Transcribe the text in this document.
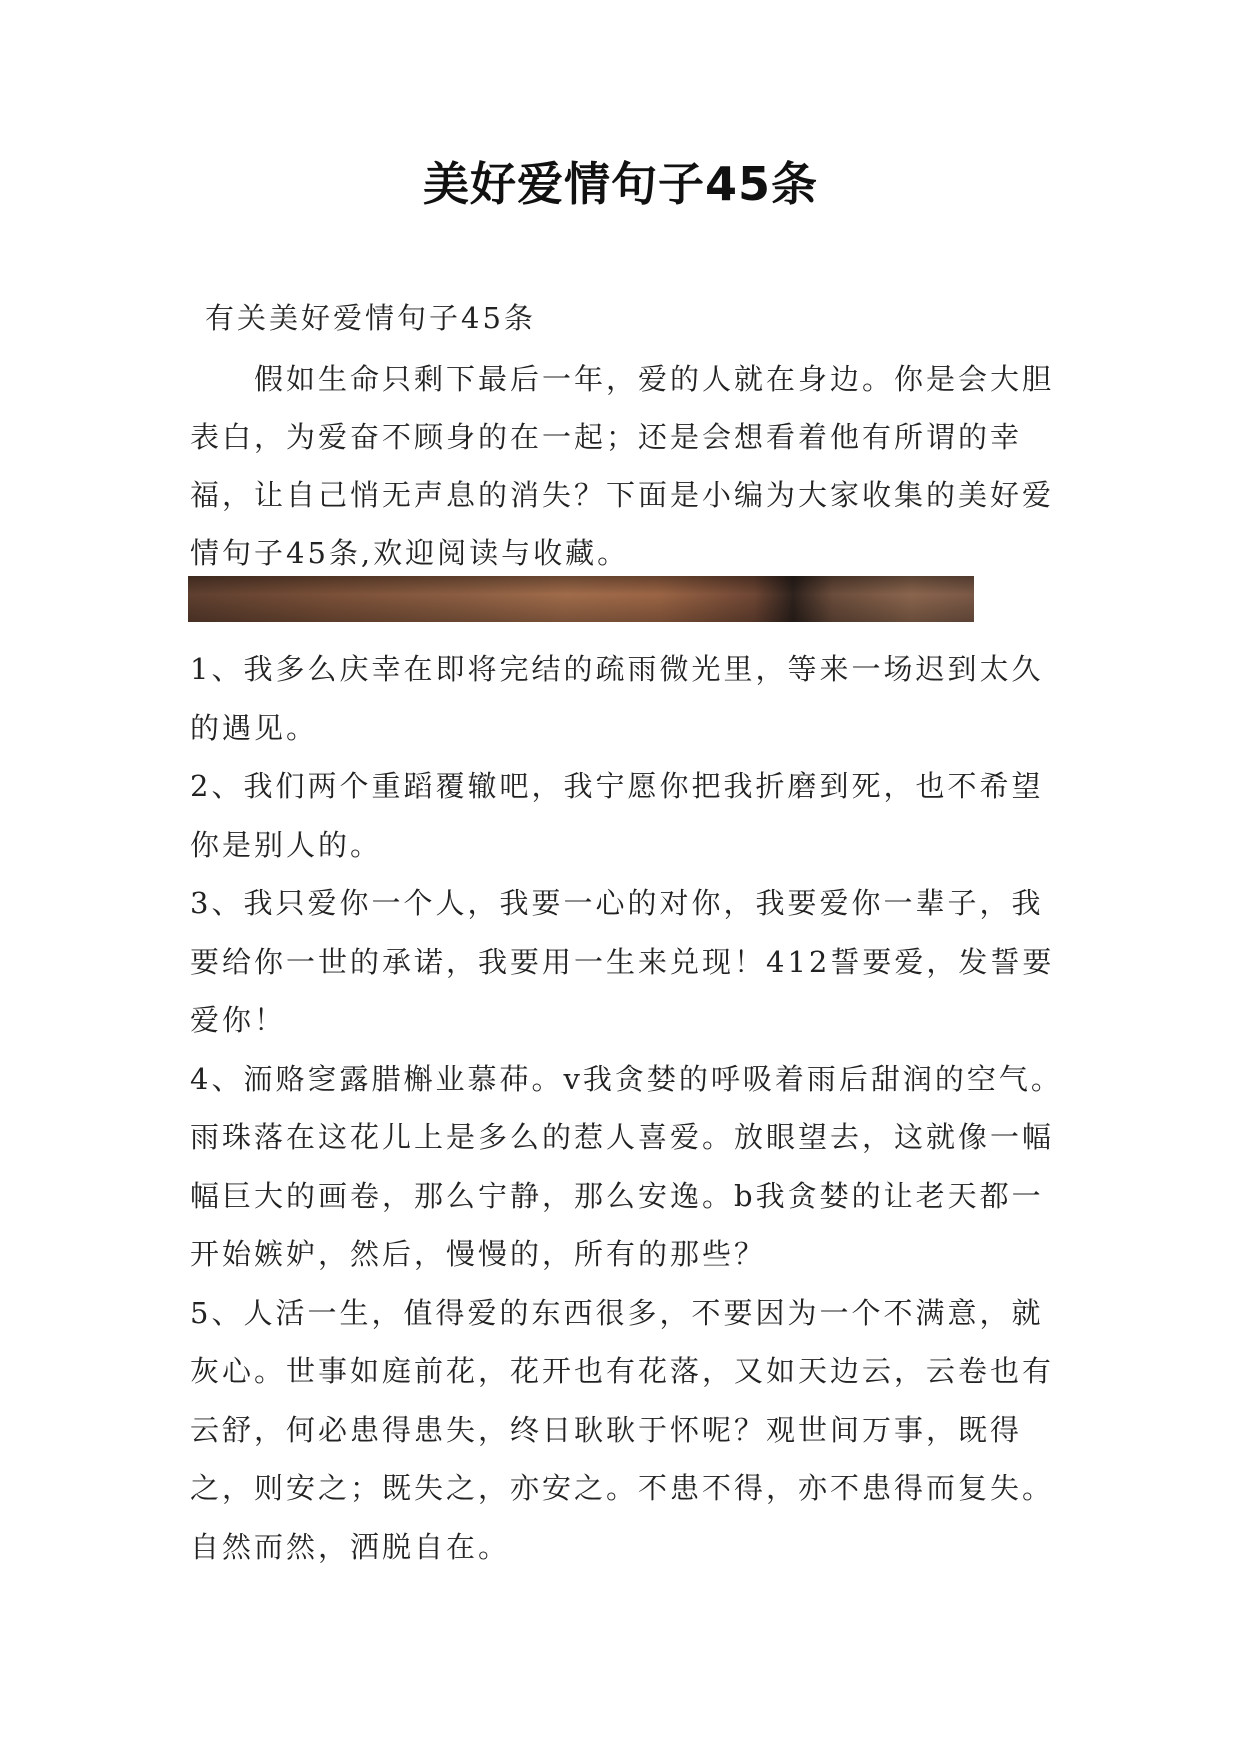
美好爱情句子45条

有关美好爱情句子45条

假如生命只剩下最后一年，爱的人就在身边。你是会大胆表白，为爱奋不顾身的在一起；还是会想看着他有所谓的幸福，让自己悄无声息的消失？下面是小编为大家收集的美好爱情句子45条,欢迎阅读与收藏。

1、我多么庆幸在即将完结的疏雨微光里，等来一场迟到太久的遇见。

2、我们两个重蹈覆辙吧，我宁愿你把我折磨到死，也不希望你是别人的。

3、我只爱你一个人，我要一心的对你，我要爱你一辈子，我要给你一世的承诺，我要用一生来兑现！412誓要爱，发誓要爱你！

4、洏赂窆露腊槲业慕茽。v我贪婪的呼吸着雨后甜润的空气。雨珠落在这花儿上是多么的惹人喜爱。放眼望去，这就像一幅幅巨大的画卷，那么宁静，那么安逸。b我贪婪的让老天都一开始嫉妒，然后，慢慢的，所有的那些？

5、人活一生，值得爱的东西很多，不要因为一个不满意，就灰心。世事如庭前花，花开也有花落，又如天边云，云卷也有云舒，何必患得患失，终日耿耿于怀呢？观世间万事，既得之，则安之；既失之，亦安之。不患不得，亦不患得而复失。自然而然，洒脱自在。
